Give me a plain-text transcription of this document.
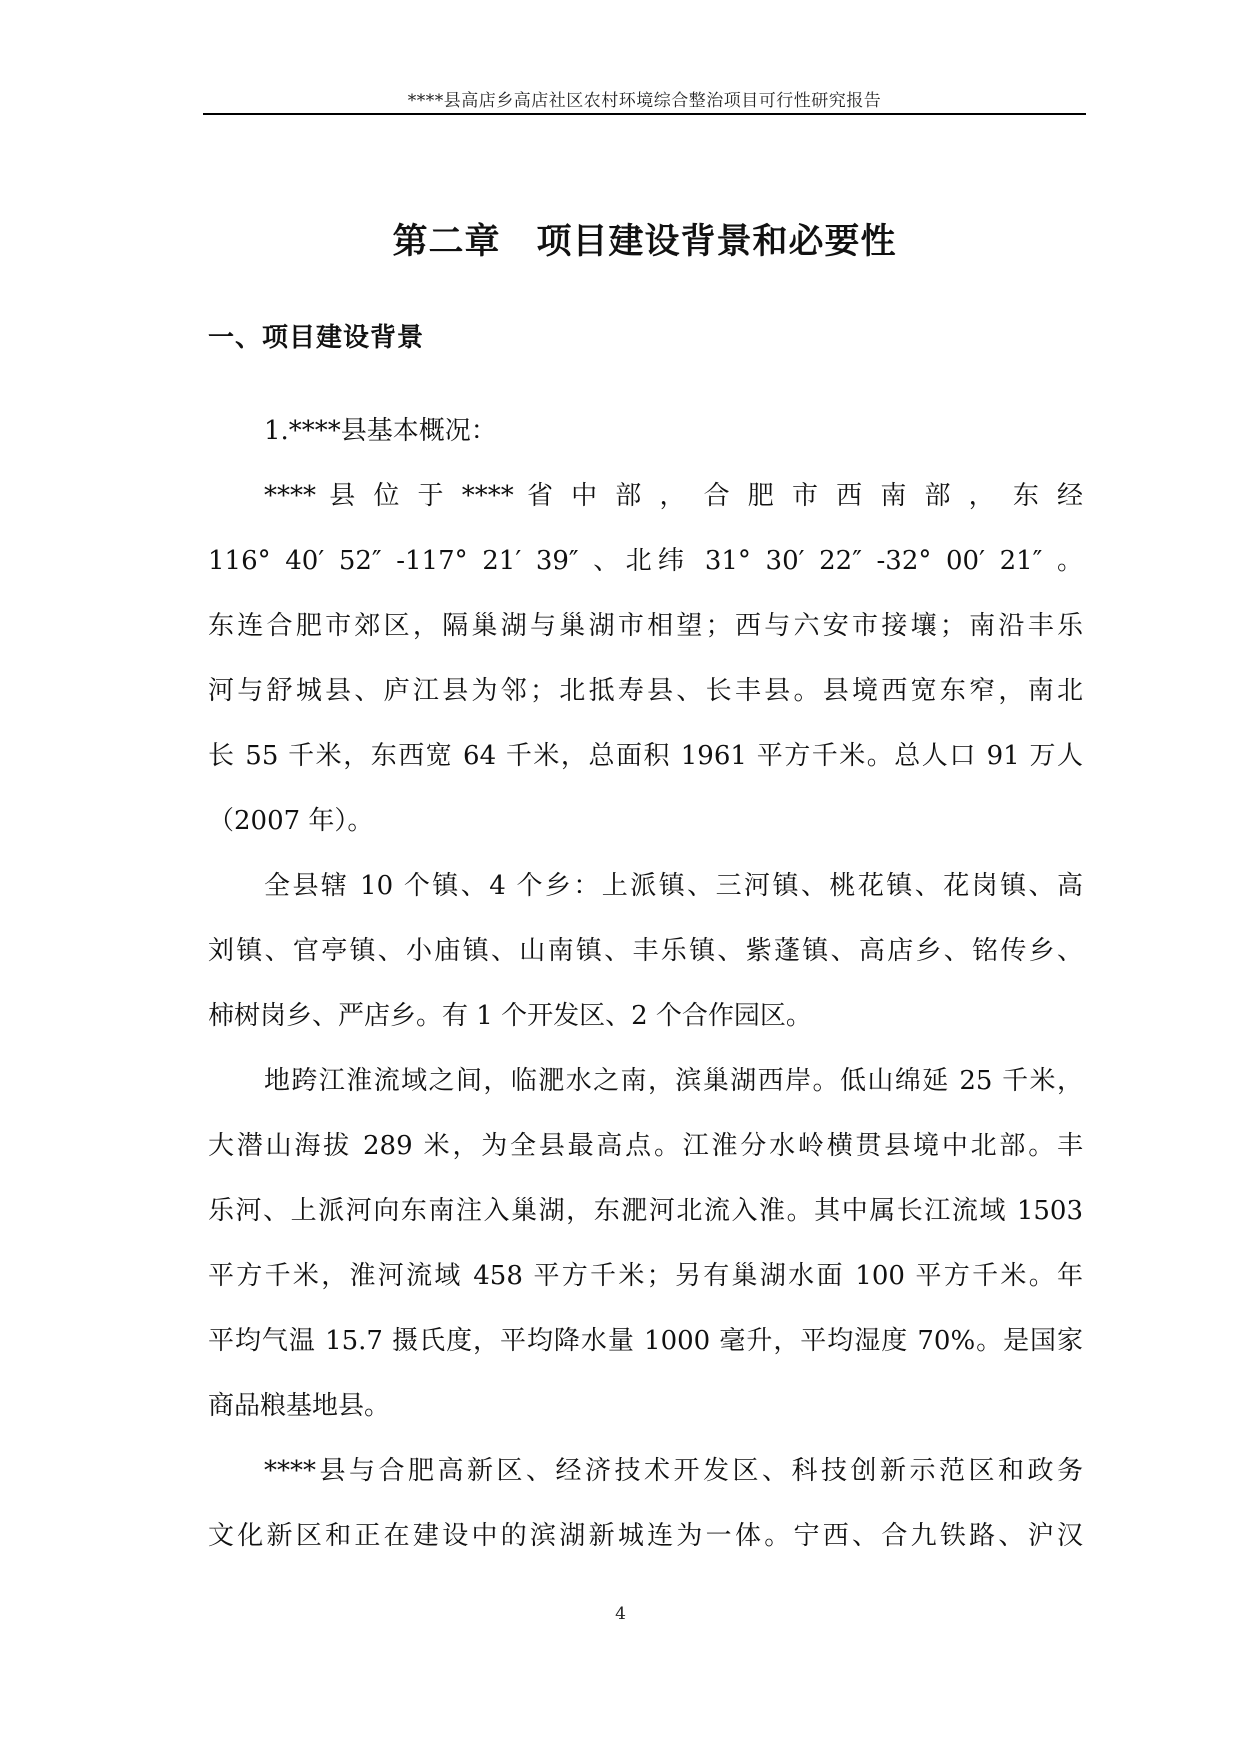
****县高店乡高店社区农村环境综合整治项目可行性研究报告
第二章　项目建设背景和必要性
一、项目建设背景
1.****县基本概况：
**** 县 位 于 **** 省 中 部 ， 合 肥 市 西 南 部 ， 东 经
116° 40′ 52″ -117° 21′ 39″ 、北纬 31° 30′ 22″ -32° 00′ 21″ 。
东连合肥市郊区，隔巢湖与巢湖市相望；西与六安市接壤；南沿丰乐
河与舒城县、庐江县为邻；北抵寿县、长丰县。县境西宽东窄，南北
长 55 千米，东西宽 64 千米，总面积 1961 平方千米。总人口 91 万人
（2007 年）。
全县辖 10 个镇、4 个乡：上派镇、三河镇、桃花镇、花岗镇、高
刘镇、官亭镇、小庙镇、山南镇、丰乐镇、紫蓬镇、高店乡、铭传乡、
柿树岗乡、严店乡。有 1 个开发区、2 个合作园区。
地跨江淮流域之间，临淝水之南，滨巢湖西岸。低山绵延 25 千米，
大潜山海拔 289 米，为全县最高点。江淮分水岭横贯县境中北部。丰
乐河、上派河向东南注入巢湖，东淝河北流入淮。其中属长江流域 1503
平方千米，淮河流域 458 平方千米；另有巢湖水面 100 平方千米。年
平均气温 15.7 摄氏度，平均降水量 1000 毫升，平均湿度 70%。是国家
商品粮基地县。
****县与合肥高新区、经济技术开发区、科技创新示范区和政务
文化新区和正在建设中的滨湖新城连为一体。宁西、合九铁路、沪汉
4
